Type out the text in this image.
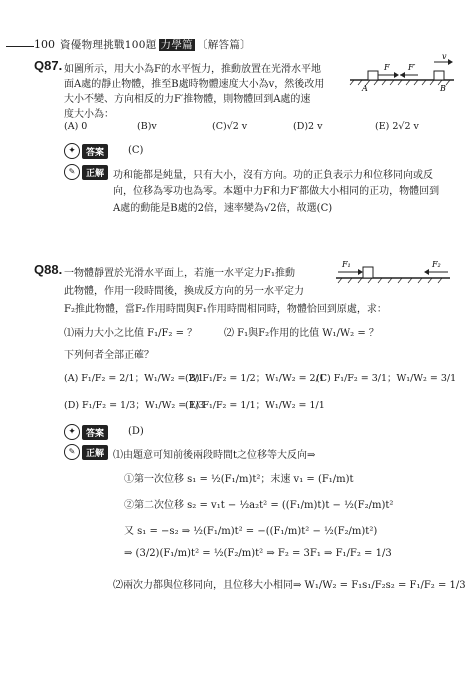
100 資優物理挑戰100題 力學篇 〔解答篇〕
Q87. 如圖所示，用大小為F的水平恆力，推動放置在光滑水平地
面A處的靜止物體，推至B處時物體速度大小為v，然後改用
大小不變、方向相反的力F′推物體，則物體回到A處的速
度大小為：
F F′
v
A	B
(A) 0	(B)v	(C)√2 v	(D)2 v	(E) 2√2 v
✦	答案	(C)
✎	正解 功和能都是純量，只有大小，沒有方向。功的正負表示力和位移同向或反
向，位移為零功也為零。本題中力F和力F′都做大小相同的正功，物體回到
A處的動能是B處的2倍，速率變為√2倍，故選(C)
Q88. 一物體靜置於光滑水平面上，若施一水平定力F₁推動
此物體，作用一段時間後，換成反方向的另一水平定力
F₂推此物體，當F₂作用時間與F₁作用時間相同時，物體恰回到原處，求：
F₁	F₂
⑴兩力大小之比值 F₁/F₂ = ？	⑵ F₁與F₂作用的比值 W₁/W₂ = ？
下列何者全部正確？
(A) F₁/F₂ = 2/1；W₁/W₂ = 2/1
(B) F₁/F₂ = 1/2；W₁/W₂ = 2/1
(C) F₁/F₂ = 3/1；W₁/W₂ = 3/1
(D) F₁/F₂ = 1/3；W₁/W₂ = 1/3
(E) F₁/F₂ = 1/1；W₁/W₂ = 1/1
✦	答案	(D)
✎	正解 ⑴由題意可知前後兩段時間t之位移等大反向⇒
①第一次位移 s₁ = ½(F₁/m)t²；末速 v₁ = (F₁/m)t
②第二次位移 s₂ = v₁t − ½a₂t² = ((F₁/m)t)t − ½(F₂/m)t²
又 s₁ = −s₂ ⇒ ½(F₁/m)t² = −((F₁/m)t² − ½(F₂/m)t²)
⇒ (3/2)(F₁/m)t² = ½(F₂/m)t² ⇒ F₂ = 3F₁ ⇒ F₁/F₂ = 1/3
⑵兩次力都與位移同向，且位移大小相同⇒ W₁/W₂ = F₁s₁/F₂s₂ = F₁/F₂ = 1/3
